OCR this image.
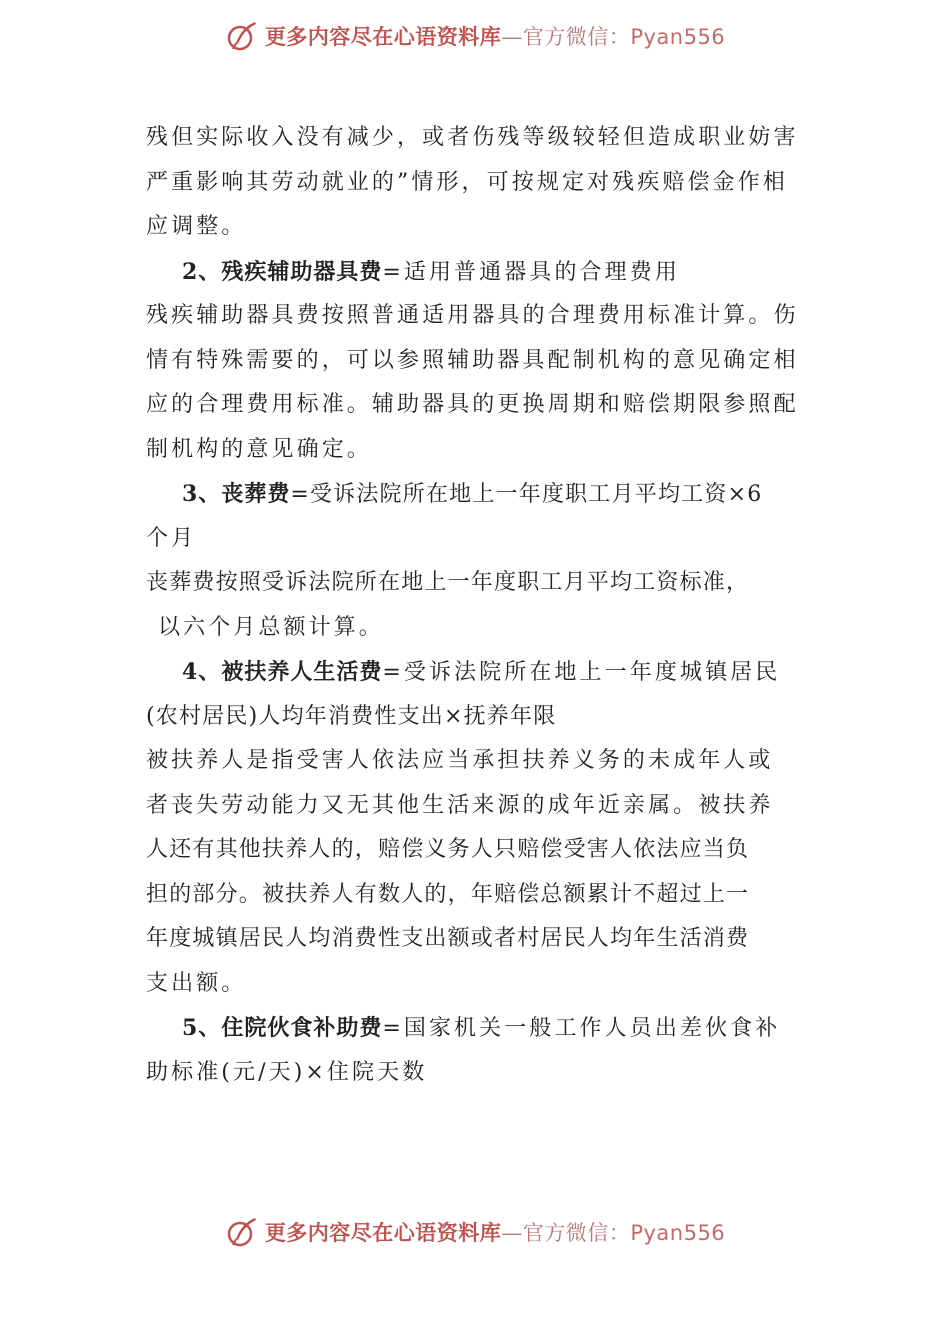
更多内容尽在心语资料库—官方微信：Pyan556
残但实际收入没有减少，或者伤残等级较轻但造成职业妨害
严重影响其劳动就业的”情形，可按规定对残疾赔偿金作相
应调整。
2、残疾辅助器具费=适用普通器具的合理费用
残疾辅助器具费按照普通适用器具的合理费用标准计算。伤
情有特殊需要的，可以参照辅助器具配制机构的意见确定相
应的合理费用标准。辅助器具的更换周期和赔偿期限参照配
制机构的意见确定。
3、丧葬费=受诉法院所在地上一年度职工月平均工资×6
个月
丧葬费按照受诉法院所在地上一年度职工月平均工资标准，
以六个月总额计算。
4、被扶养人生活费=受诉法院所在地上一年度城镇居民
(农村居民)人均年消费性支出×抚养年限
被扶养人是指受害人依法应当承担扶养义务的未成年人或
者丧失劳动能力又无其他生活来源的成年近亲属。被扶养
人还有其他扶养人的，赔偿义务人只赔偿受害人依法应当负
担的部分。被扶养人有数人的，年赔偿总额累计不超过上一
年度城镇居民人均消费性支出额或者村居民人均年生活消费
支出额。
5、住院伙食补助费=国家机关一般工作人员出差伙食补
助标准(元/天)×住院天数
更多内容尽在心语资料库—官方微信：Pyan556
